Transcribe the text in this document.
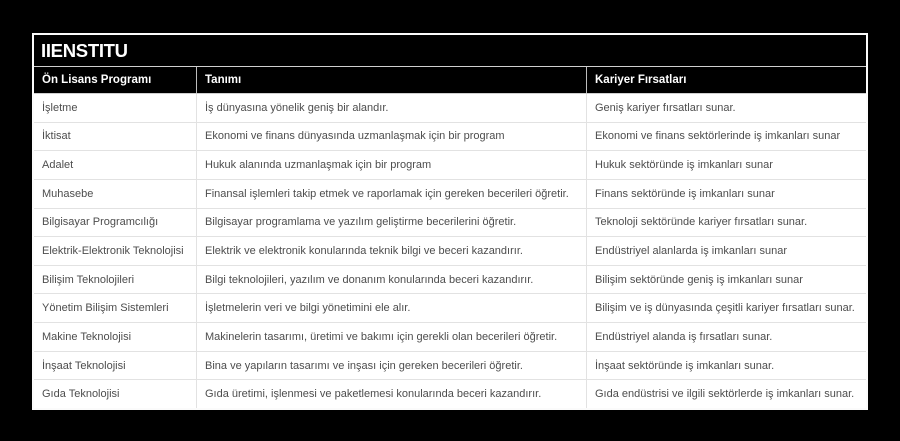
IIENSTITU
Ön Lisans Programı	Tanımı	Kariyer Fırsatları
İşletme	İş dünyasına yönelik geniş bir alandır.	Geniş kariyer fırsatları sunar.
İktisat	Ekonomi ve finans dünyasında uzmanlaşmak için bir program	Ekonomi ve finans sektörlerinde iş imkanları sunar
Adalet	Hukuk alanında uzmanlaşmak için bir program	Hukuk sektöründe iş imkanları sunar
Muhasebe	Finansal işlemleri takip etmek ve raporlamak için gereken becerileri öğretir.	Finans sektöründe iş imkanları sunar
Bilgisayar Programcılığı	Bilgisayar programlama ve yazılım geliştirme becerilerini öğretir.	Teknoloji sektöründe kariyer fırsatları sunar.
Elektrik-Elektronik Teknolojisi	Elektrik ve elektronik konularında teknik bilgi ve beceri kazandırır.	Endüstriyel alanlarda iş imkanları sunar
Bilişim Teknolojileri	Bilgi teknolojileri, yazılım ve donanım konularında beceri kazandırır.	Bilişim sektöründe geniş iş imkanları sunar
Yönetim Bilişim Sistemleri	İşletmelerin veri ve bilgi yönetimini ele alır.	Bilişim ve iş dünyasında çeşitli kariyer fırsatları sunar.
Makine Teknolojisi	Makinelerin tasarımı, üretimi ve bakımı için gerekli olan becerileri öğretir.	Endüstriyel alanda iş fırsatları sunar.
İnşaat Teknolojisi	Bina ve yapıların tasarımı ve inşası için gereken becerileri öğretir.	İnşaat sektöründe iş imkanları sunar.
Gıda Teknolojisi	Gıda üretimi, işlenmesi ve paketlemesi konularında beceri kazandırır.	Gıda endüstrisi ve ilgili sektörlerde iş imkanları sunar.
